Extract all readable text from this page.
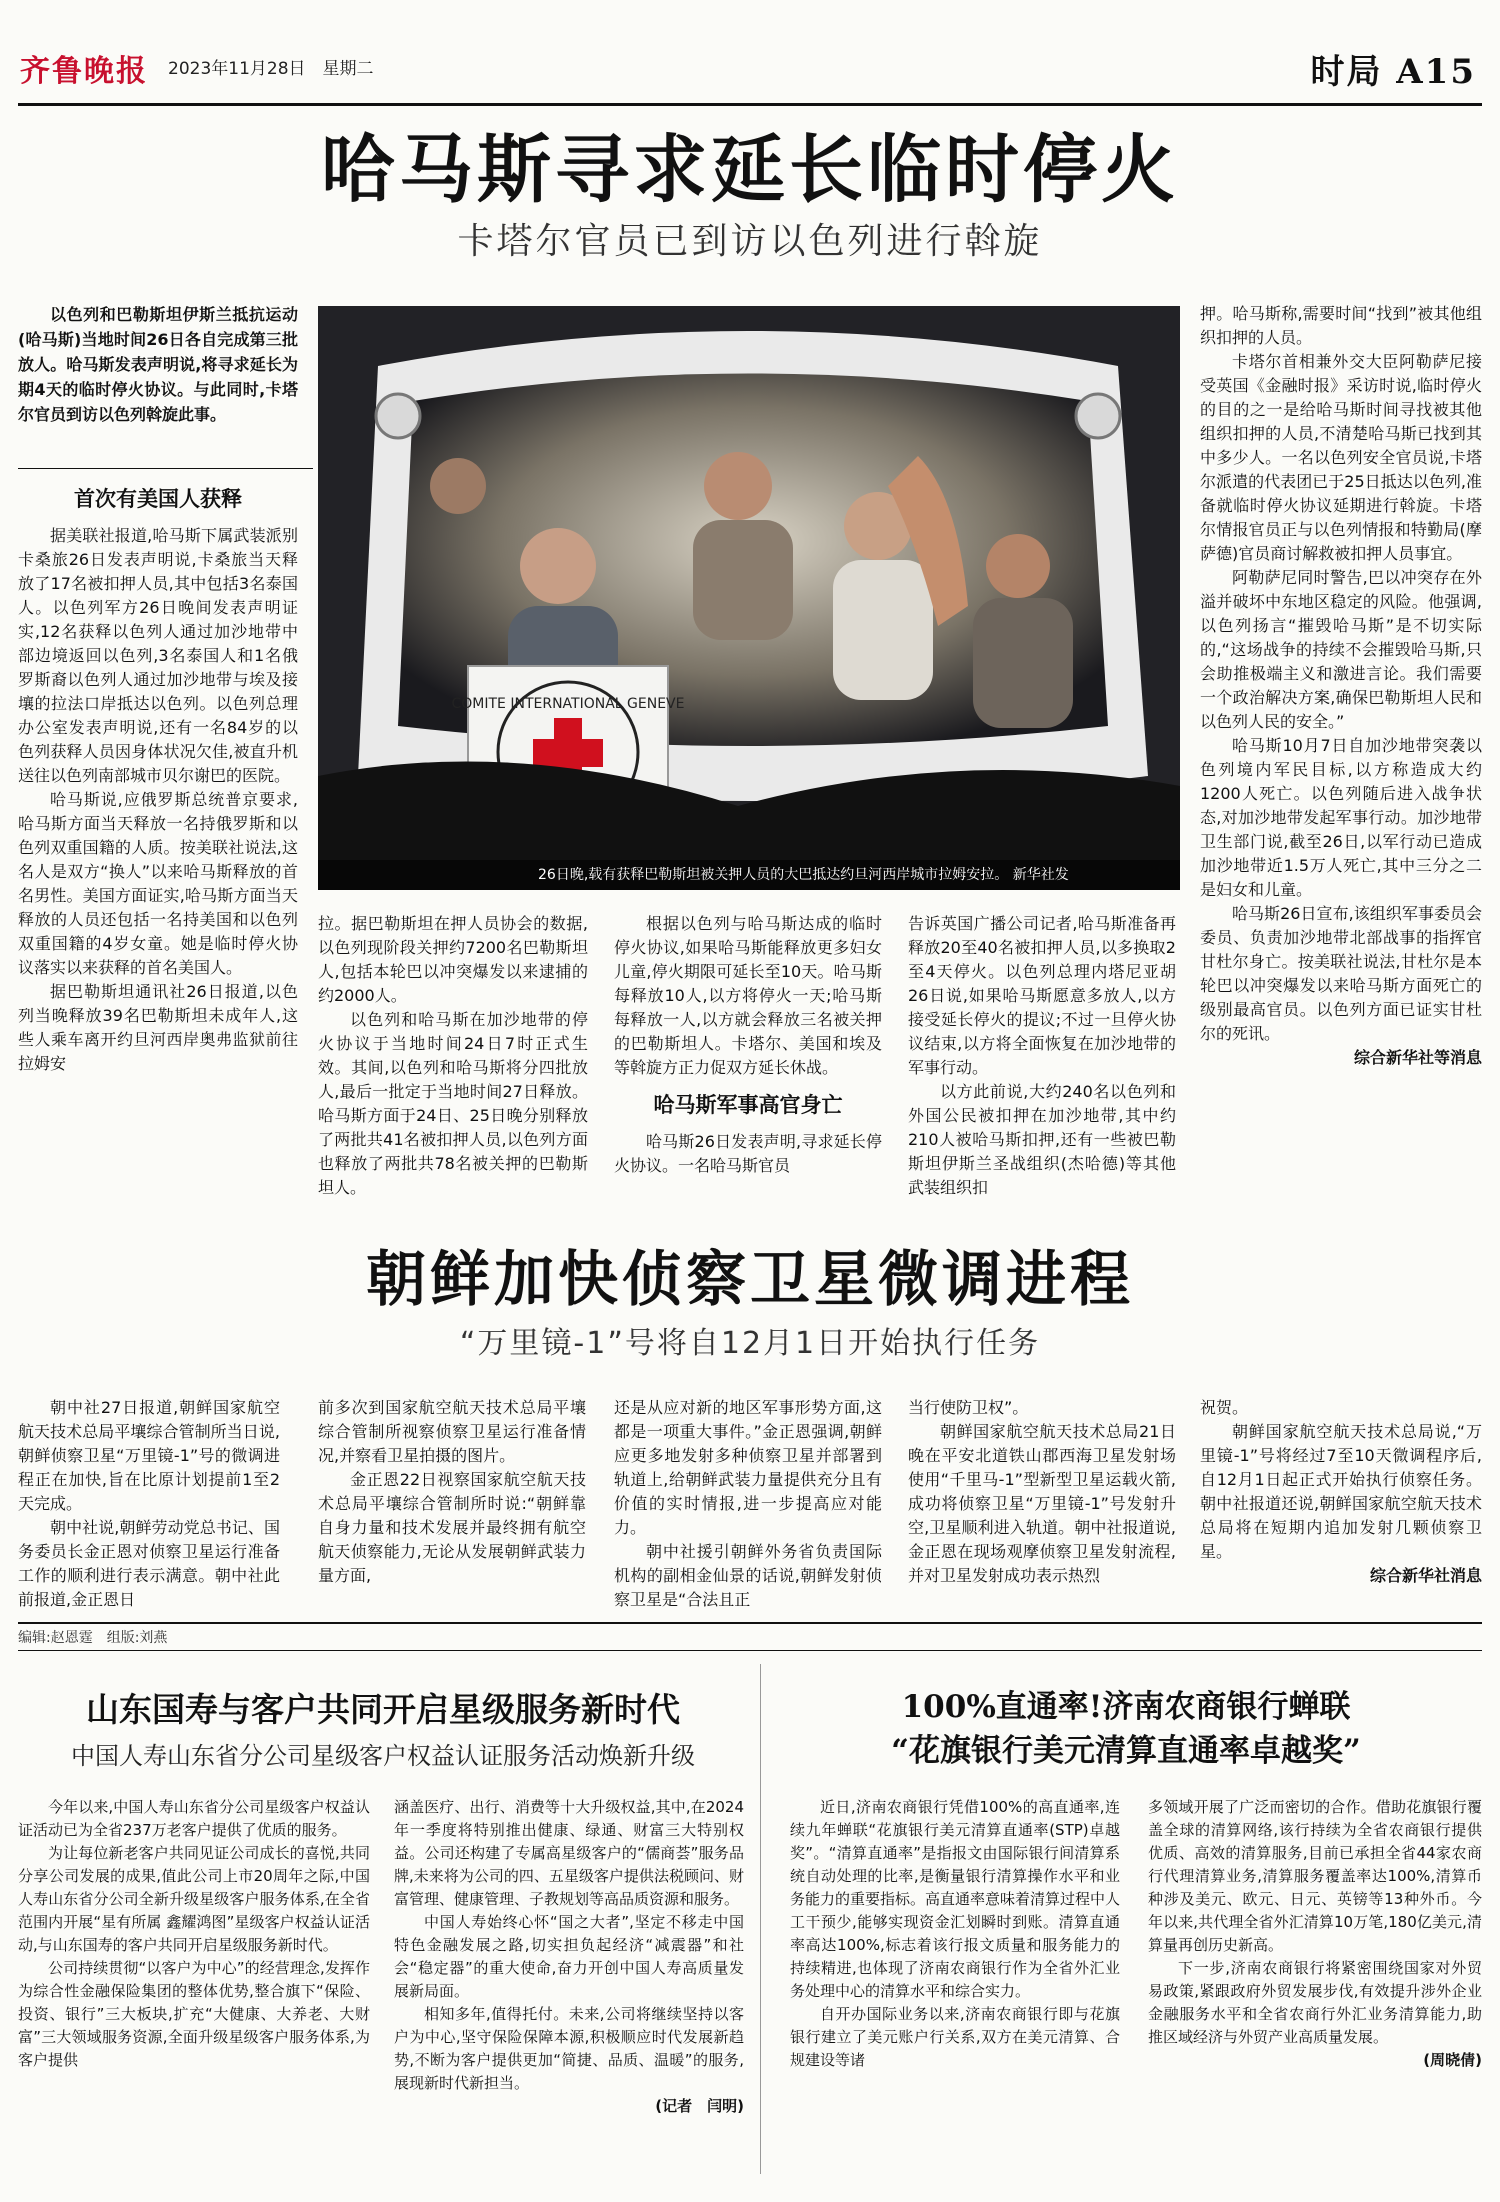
齐鲁晚报 2023年11月28日　星期二	时局 A15
哈马斯寻求延长临时停火
卡塔尔官员已到访以色列进行斡旋

以色列和巴勒斯坦伊斯兰抵抗运动(哈马斯)当地时间26日各自完成第三批放人。哈马斯发表声明说,将寻求延长为期4天的临时停火协议。与此同时,卡塔尔官员到访以色列斡旋此事。

首次有美国人获释

据美联社报道,哈马斯下属武装派别卡桑旅26日发表声明说,卡桑旅当天释放了17名被扣押人员,其中包括3名泰国人。以色列军方26日晚间发表声明证实,12名获释以色列人通过加沙地带中部边境返回以色列,3名泰国人和1名俄罗斯裔以色列人通过加沙地带与埃及接壤的拉法口岸抵达以色列。以色列总理办公室发表声明说,还有一名84岁的以色列获释人员因身体状况欠佳,被直升机送往以色列南部城市贝尔谢巴的医院。

哈马斯说,应俄罗斯总统普京要求,哈马斯方面当天释放一名持俄罗斯和以色列双重国籍的人质。按美联社说法,这名人是双方“换人”以来哈马斯释放的首名男性。美国方面证实,哈马斯方面当天释放的人员还包括一名持美国和以色列双重国籍的4岁女童。她是临时停火协议落实以来获释的首名美国人。

据巴勒斯坦通讯社26日报道,以色列当晚释放39名巴勒斯坦未成年人,这些人乘车离开约旦河西岸奥弗监狱前往拉姆安

COMITE INTERNATIONAL GENEVE
26日晚,载有获释巴勒斯坦被关押人员的大巴抵达约旦河西岸城市拉姆安拉。 新华社发

拉。据巴勒斯坦在押人员协会的数据,以色列现阶段关押约7200名巴勒斯坦人,包括本轮巴以冲突爆发以来逮捕的约2000人。

以色列和哈马斯在加沙地带的停火协议于当地时间24日7时正式生效。其间,以色列和哈马斯将分四批放人,最后一批定于当地时间27日释放。哈马斯方面于24日、25日晚分别释放了两批共41名被扣押人员,以色列方面也释放了两批共78名被关押的巴勒斯坦人。

根据以色列与哈马斯达成的临时停火协议,如果哈马斯能释放更多妇女儿童,停火期限可延长至10天。哈马斯每释放10人,以方将停火一天;哈马斯每释放一人,以方就会释放三名被关押的巴勒斯坦人。卡塔尔、美国和埃及等斡旋方正力促双方延长休战。

哈马斯军事高官身亡

哈马斯26日发表声明,寻求延长停火协议。一名哈马斯官员

告诉英国广播公司记者,哈马斯准备再释放20至40名被扣押人员,以多换取2至4天停火。以色列总理内塔尼亚胡26日说,如果哈马斯愿意多放人,以方接受延长停火的提议;不过一旦停火协议结束,以方将全面恢复在加沙地带的军事行动。

以方此前说,大约240名以色列和外国公民被扣押在加沙地带,其中约210人被哈马斯扣押,还有一些被巴勒斯坦伊斯兰圣战组织(杰哈德)等其他武装组织扣

押。哈马斯称,需要时间“找到”被其他组织扣押的人员。

卡塔尔首相兼外交大臣阿勒萨尼接受英国《金融时报》采访时说,临时停火的目的之一是给哈马斯时间寻找被其他组织扣押的人员,不清楚哈马斯已找到其中多少人。一名以色列安全官员说,卡塔尔派遣的代表团已于25日抵达以色列,准备就临时停火协议延期进行斡旋。卡塔尔情报官员正与以色列情报和特勤局(摩萨德)官员商讨解救被扣押人员事宜。

阿勒萨尼同时警告,巴以冲突存在外溢并破坏中东地区稳定的风险。他强调,以色列扬言“摧毁哈马斯”是不切实际的,“这场战争的持续不会摧毁哈马斯,只会助推极端主义和激进言论。我们需要一个政治解决方案,确保巴勒斯坦人民和以色列人民的安全。”

哈马斯10月7日自加沙地带突袭以色列境内军民目标,以方称造成大约1200人死亡。以色列随后进入战争状态,对加沙地带发起军事行动。加沙地带卫生部门说,截至26日,以军行动已造成加沙地带近1.5万人死亡,其中三分之二是妇女和儿童。

哈马斯26日宣布,该组织军事委员会委员、负责加沙地带北部战事的指挥官甘杜尔身亡。按美联社说法,甘杜尔是本轮巴以冲突爆发以来哈马斯方面死亡的级别最高官员。以色列方面已证实甘杜尔的死讯。

综合新华社等消息

朝鲜加快侦察卫星微调进程
“万里镜-1”号将自12月1日开始执行任务

朝中社27日报道,朝鲜国家航空航天技术总局平壤综合管制所当日说,朝鲜侦察卫星“万里镜-1”号的微调进程正在加快,旨在比原计划提前1至2天完成。

朝中社说,朝鲜劳动党总书记、国务委员长金正恩对侦察卫星运行准备工作的顺利进行表示满意。朝中社此前报道,金正恩日

前多次到国家航空航天技术总局平壤综合管制所视察侦察卫星运行准备情况,并察看卫星拍摄的图片。

金正恩22日视察国家航空航天技术总局平壤综合管制所时说:“朝鲜靠自身力量和技术发展并最终拥有航空航天侦察能力,无论从发展朝鲜武装力量方面,

还是从应对新的地区军事形势方面,这都是一项重大事件。”金正恩强调,朝鲜应更多地发射多种侦察卫星并部署到轨道上,给朝鲜武装力量提供充分且有价值的实时情报,进一步提高应对能力。

朝中社援引朝鲜外务省负责国际机构的副相金仙景的话说,朝鲜发射侦察卫星是“合法且正

当行使防卫权”。

朝鲜国家航空航天技术总局21日晚在平安北道铁山郡西海卫星发射场使用“千里马-1”型新型卫星运载火箭,成功将侦察卫星“万里镜-1”号发射升空,卫星顺利进入轨道。朝中社报道说,金正恩在现场观摩侦察卫星发射流程,并对卫星发射成功表示热烈

祝贺。

朝鲜国家航空航天技术总局说,“万里镜-1”号将经过7至10天微调程序后,自12月1日起正式开始执行侦察任务。朝中社报道还说,朝鲜国家航空航天技术总局将在短期内追加发射几颗侦察卫星。

综合新华社消息

编辑:赵恩霆　组版:刘燕
山东国寿与客户共同开启星级服务新时代
中国人寿山东省分公司星级客户权益认证服务活动焕新升级

今年以来,中国人寿山东省分公司星级客户权益认证活动已为全省237万老客户提供了优质的服务。

为让每位新老客户共同见证公司成长的喜悦,共同分享公司发展的成果,值此公司上市20周年之际,中国人寿山东省分公司全新升级星级客户服务体系,在全省范围内开展“星有所属 鑫耀鸿图”星级客户权益认证活动,与山东国寿的客户共同开启星级服务新时代。

公司持续贯彻“以客户为中心”的经营理念,发挥作为综合性金融保险集团的整体优势,整合旗下“保险、投资、银行”三大板块,扩充“大健康、大养老、大财富”三大领域服务资源,全面升级星级客户服务体系,为客户提供

涵盖医疗、出行、消费等十大升级权益,其中,在2024年一季度将特别推出健康、绿通、财富三大特别权益。公司还构建了专属高星级客户的“儒商荟”服务品牌,未来将为公司的四、五星级客户提供法税顾问、财富管理、健康管理、子教规划等高品质资源和服务。

中国人寿始终心怀“国之大者”,坚定不移走中国特色金融发展之路,切实担负起经济“减震器”和社会“稳定器”的重大使命,奋力开创中国人寿高质量发展新局面。

相知多年,值得托付。未来,公司将继续坚持以客户为中心,坚守保险保障本源,积极顺应时代发展新趋势,不断为客户提供更加“简捷、品质、温暖”的服务,展现新时代新担当。

(记者　闫明)

100%直通率!济南农商银行蝉联
“花旗银行美元清算直通率卓越奖”

近日,济南农商银行凭借100%的高直通率,连续九年蝉联“花旗银行美元清算直通率(STP)卓越奖”。“清算直通率”是指报文由国际银行间清算系统自动处理的比率,是衡量银行清算操作水平和业务能力的重要指标。高直通率意味着清算过程中人工干预少,能够实现资金汇划瞬时到账。清算直通率高达100%,标志着该行报文质量和服务能力的持续精进,也体现了济南农商银行作为全省外汇业务处理中心的清算水平和综合实力。

自开办国际业务以来,济南农商银行即与花旗银行建立了美元账户行关系,双方在美元清算、合规建设等诸

多领域开展了广泛而密切的合作。借助花旗银行覆盖全球的清算网络,该行持续为全省农商银行提供优质、高效的清算服务,目前已承担全省44家农商行代理清算业务,清算服务覆盖率达100%,清算币种涉及美元、欧元、日元、英镑等13种外币。今年以来,共代理全省外汇清算10万笔,180亿美元,清算量再创历史新高。

下一步,济南农商银行将紧密围绕国家对外贸易政策,紧跟政府外贸发展步伐,有效提升涉外企业金融服务水平和全省农商行外汇业务清算能力,助推区域经济与外贸产业高质量发展。

(周晓倩)
